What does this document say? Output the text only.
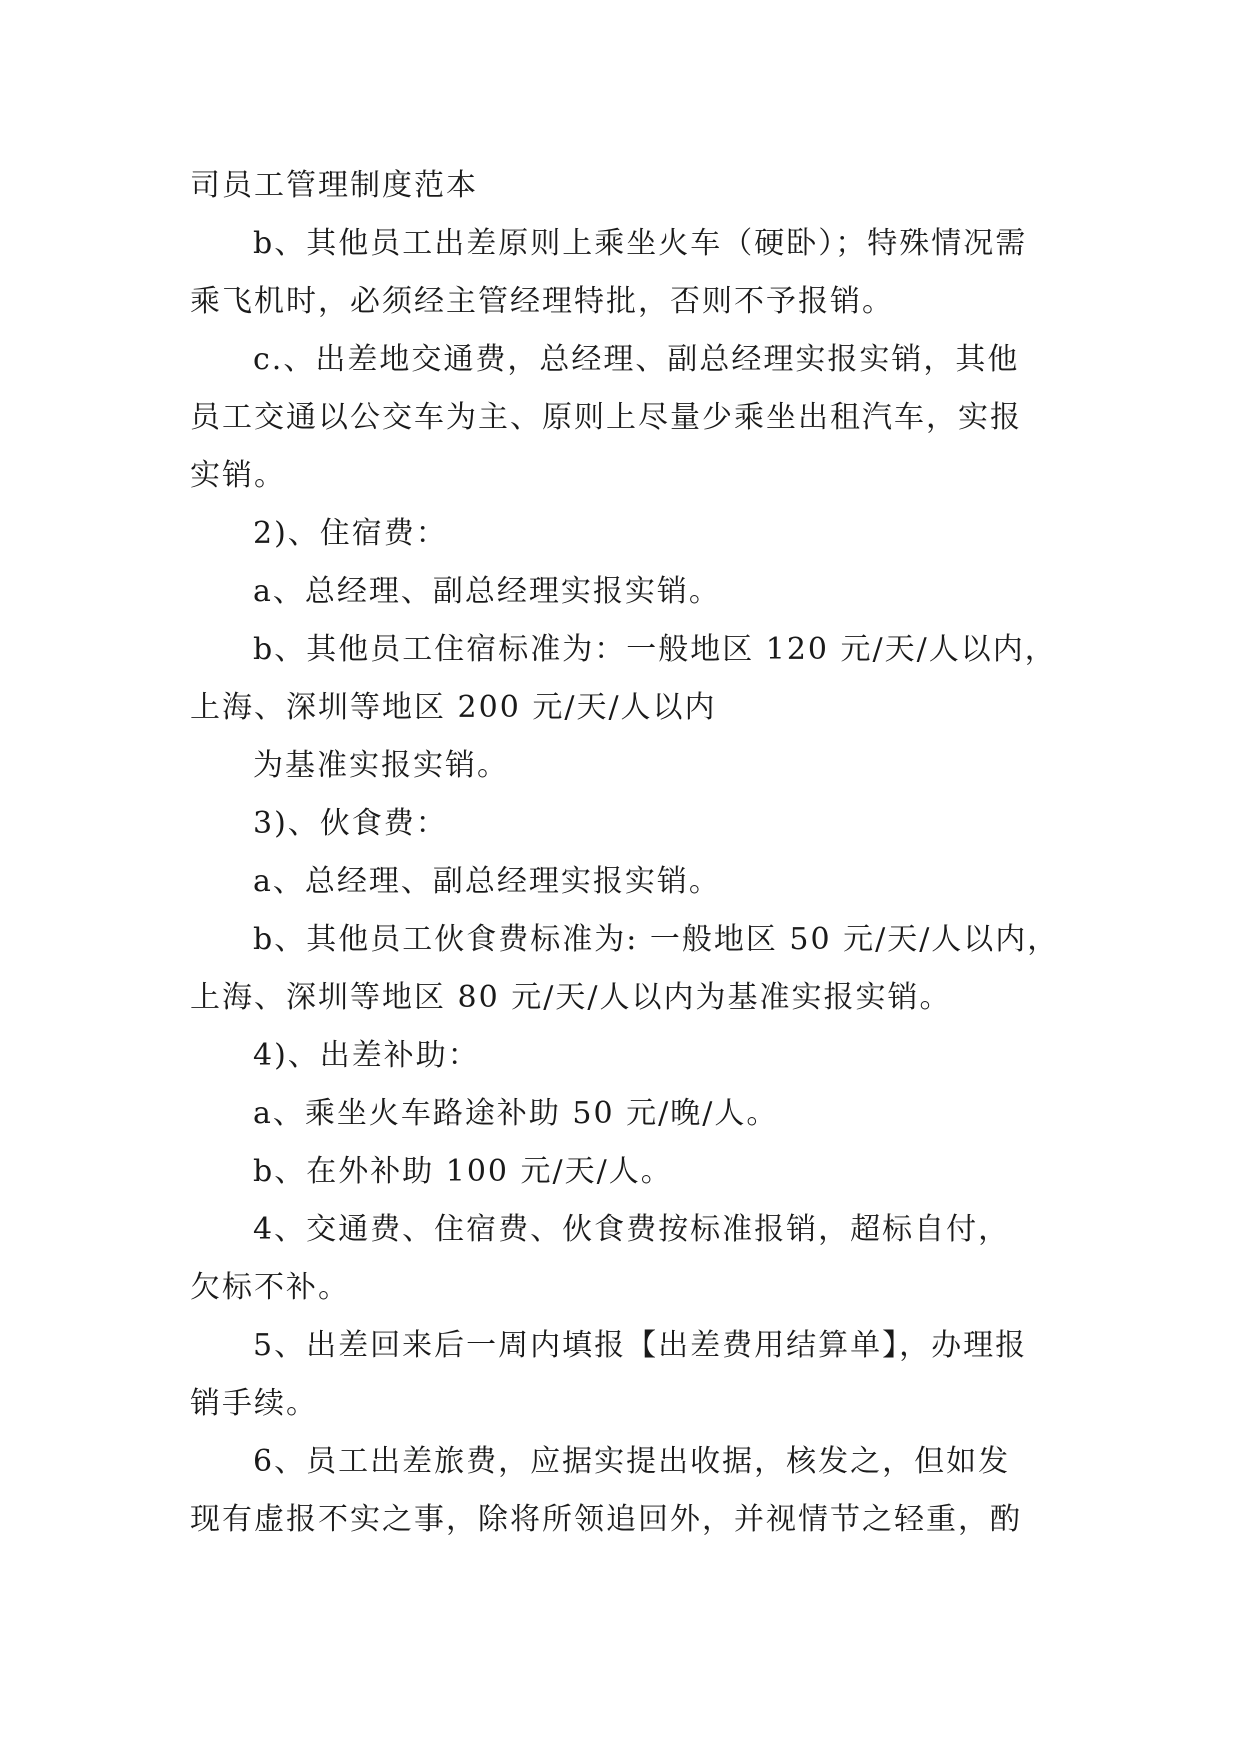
司员工管理制度范本

b、其他员工出差原则上乘坐火车（硬卧）；特殊情况需

乘飞机时，必须经主管经理特批，否则不予报销。

c.、出差地交通费，总经理、副总经理实报实销，其他

员工交通以公交车为主、原则上尽量少乘坐出租汽车，实报

实销。

2)、住宿费：

a、总经理、副总经理实报实销。

b、其他员工住宿标准为：一般地区 120 元/天/人以内，

上海、深圳等地区 200 元/天/人以内

为基准实报实销。

3)、伙食费：

a、总经理、副总经理实报实销。

b、其他员工伙食费标准为: 一般地区 50 元/天/人以内，

上海、深圳等地区 80 元/天/人以内为基准实报实销。

4)、出差补助：

a、乘坐火车路途补助 50 元/晚/人。

b、在外补助 100 元/天/人。

4、交通费、住宿费、伙食费按标准报销，超标自付，

欠标不补。

5、出差回来后一周内填报【出差费用结算单】，办理报

销手续。

6、员工出差旅费，应据实提出收据，核发之，但如发

现有虚报不实之事，除将所领追回外，并视情节之轻重，酌
